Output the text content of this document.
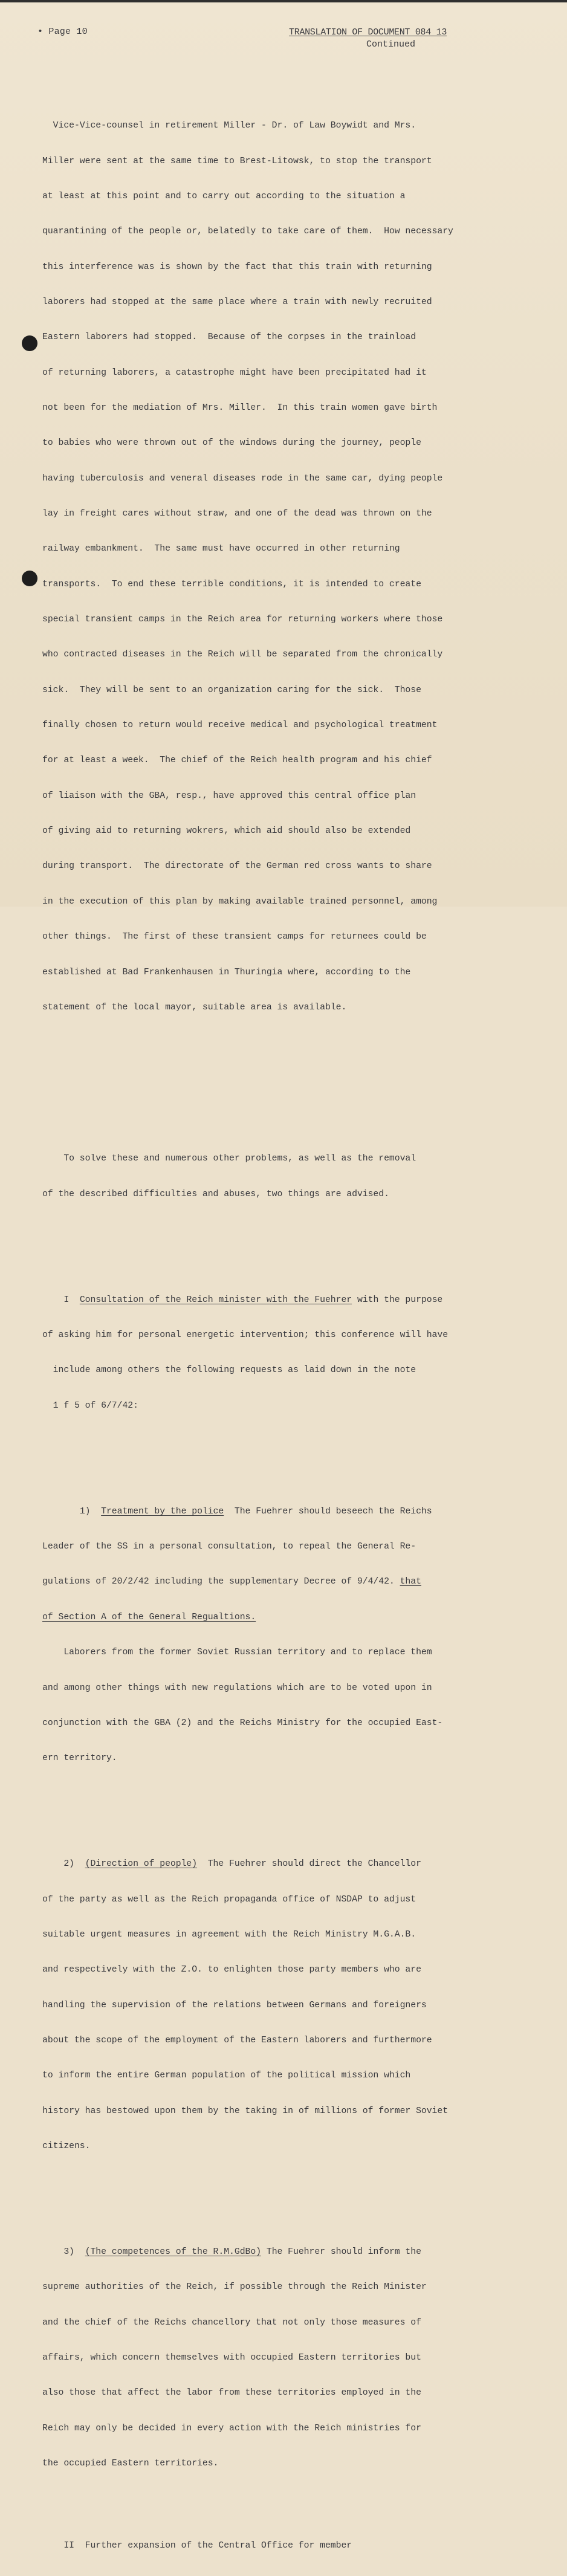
• Page 10	TRANSLATION OF DOCUMENT 084 13
Continued

Vice-Vice-counsel in retirement Miller - Dr. of Law Boywidt and Mrs.

Miller were sent at the same time to Brest-Litowsk, to stop the transport

at least at this point and to carry out according to the situation a

quarantining of the people or, belatedly to take care of them.  How necessary

this interference was is shown by the fact that this train with returning

laborers had stopped at the same place where a train with newly recruited

Eastern laborers had stopped.  Because of the corpses in the trainload

of returning laborers, a catastrophe might have been precipitated had it

not been for the mediation of Mrs. Miller.  In this train women gave birth

to babies who were thrown out of the windows during the journey, people

having tuberculosis and veneral diseases rode in the same car, dying people

lay in freight cares without straw, and one of the dead was thrown on the

railway embankment.  The same must have occurred in other returning

transports.  To end these terrible conditions, it is intended to create

special transient camps in the Reich area for returning workers where those

who contracted diseases in the Reich will be separated from the chronically

sick.  They will be sent to an organization caring for the sick.  Those

finally chosen to return would receive medical and psychological treatment

for at least a week.  The chief of the Reich health program and his chief

of liaison with the GBA, resp., have approved this central office plan

of giving aid to returning wokrers, which aid should also be extended

during transport.  The directorate of the German red cross wants to share

in the execution of this plan by making available trained personnel, among

other things.  The first of these transient camps for returnees could be

established at Bad Frankenhausen in Thuringia where, according to the

statement of the local mayor, suitable area is available.

To solve these and numerous other problems, as well as the removal

of the described difficulties and abuses, two things are advised.

I  Consultation of the Reich minister with the Fuehrer with the purpose

of asking him for personal energetic intervention; this conference will have

include among others the following requests as laid down in the note

1 f 5 of 6/7/42:

1)  Treatment by the police  The Fuehrer should beseech the Reichs

Leader of the SS in a personal consultation, to repeal the General Re-

gulations of 20/2/42 including the supplementary Decree of 9/4/42. that

of Section A of the General Regualtions.

Laborers from the former Soviet Russian territory and to replace them

and among other things with new regulations which are to be voted upon in

conjunction with the GBA (2) and the Reichs Ministry for the occupied East-

ern territory.

2)  (Direction of people)  The Fuehrer should direct the Chancellor

of the party as well as the Reich propaganda office of NSDAP to adjust

suitable urgent measures in agreement with the Reich Ministry M.G.A.B.

and respectively with the Z.O. to enlighten those party members who are

handling the supervision of the relations between Germans and foreigners

about the scope of the employment of the Eastern laborers and furthermore

to inform the entire German population of the political mission which

history has bestowed upon them by the taking in of millions of former Soviet

citizens.

3)  (The competences of the R.M.GdBo) The Fuehrer should inform the

supreme authorities of the Reich, if possible through the Reich Minister

and the chief of the Reichs chancellory that not only those measures of

affairs, which concern themselves with occupied Eastern territories but

also those that affect the labor from these territories employed in the

Reich may only be decided in every action with the Reich ministries for

the occupied Eastern territories.

II  Further expansion of the Central Office for member
